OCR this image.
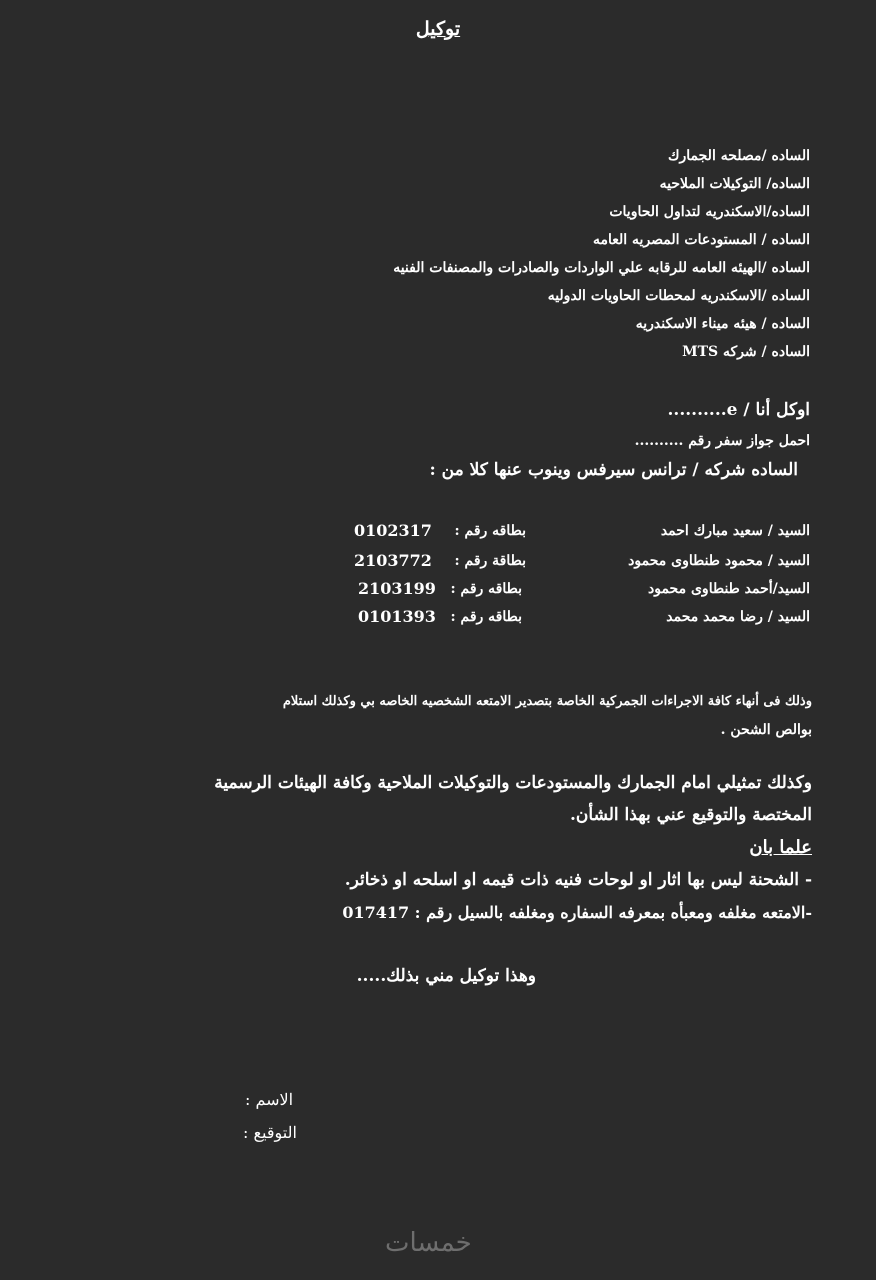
توكيل
الساده /مصلحه الجمارك
الساده/ التوكيلات الملاحيه
الساده/الاسكندريه لتداول الحاويات
الساده / المستودعات المصريه العامه
الساده /الهيئه العامه للرقابه علي الواردات والصادرات والمصنفات الفنيه
الساده /الاسكندريه لمحطات الحاويات الدوليه
الساده / هيئه ميناء الاسكندريه
الساده / شركه MTS
اوكل أنا / e..........
احمل جواز سفر رقم ..........
الساده شركه / ترانس سيرفس وينوب عنها كلا من :
السيد / سعيد مبارك احمد
بطاقه رقم :
0102317
السيد / محمود طنطاوى محمود
بطاقة رقم :
2103772
السيد/أحمد طنطاوى محمود
بطاقه رقم :
2103199
السيد / رضا محمد محمد
بطاقه رقم :
0101393
وذلك فى أنهاء كافة الاجراءات الجمركية الخاصة بتصدير الامتعه الشخصيه الخاصه بي وكذلك استلام
بوالص الشحن .
وكذلك تمثيلي امام الجمارك والمستودعات والتوكيلات الملاحية وكافة الهيئات الرسمية
المختصة والتوقيع عني بهذا الشأن.
علما بان
- الشحنة ليس بها اثار او لوحات فنيه ذات قيمه او اسلحه او ذخائر.
-الامتعه مغلفه ومعبأه بمعرفه السفاره ومغلفه بالسيل رقم : 017417
وهذا توكيل مني بذلك.....
الاسم :
التوقيع :
خمسات
